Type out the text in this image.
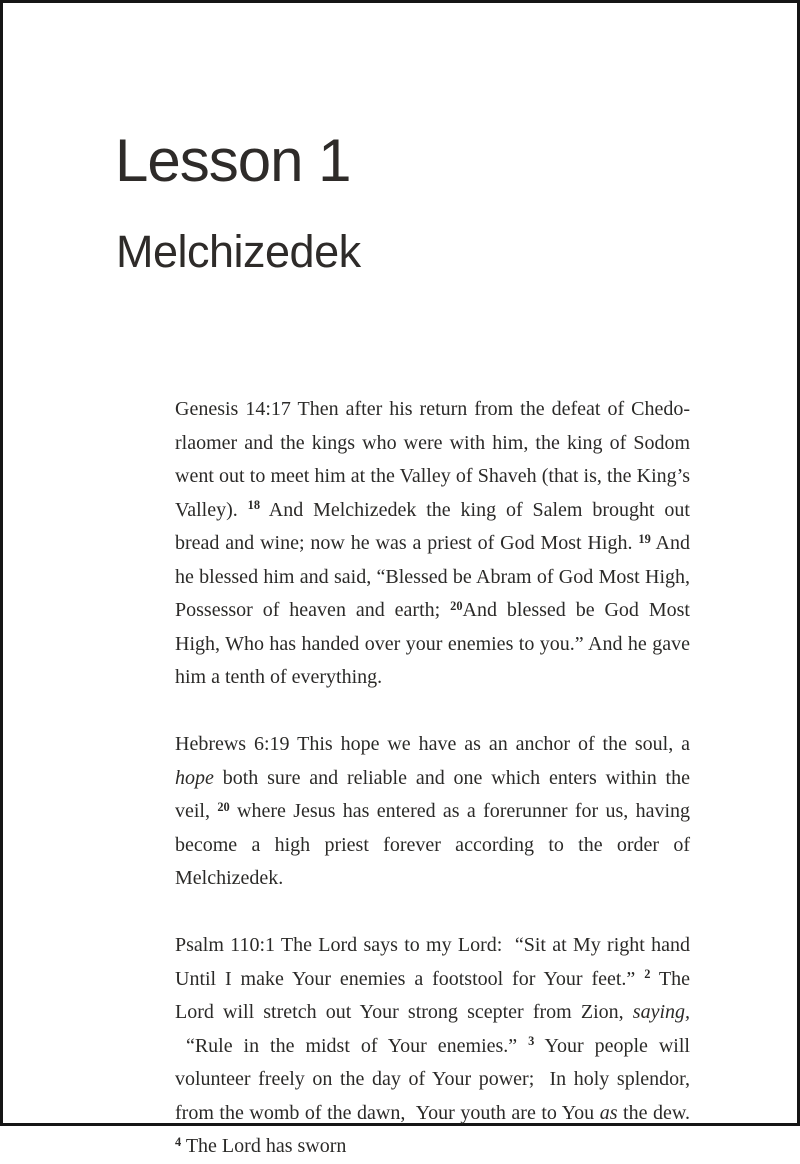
Lesson 1
Melchizedek

Genesis 14:17 Then after his return from the defeat of Chedorlaomer and the kings who were with him, the king of Sodom went out to meet him at the Valley of Shaveh (that is, the King’s Valley). $^{18}$ And Melchizedek the king of Salem brought out bread and wine; now he was a priest of God Most High. $^{19}$ And he blessed him and said, “Blessed be Abram of God Most High, Possessor of heaven and earth; $^{20}$And blessed be God Most High, Who has handed over your enemies to you.” And he gave him a tenth of everything.

Hebrews 6:19 This hope we have as an anchor of the soul, a hope both sure and reliable and one which enters within the veil, $^{20}$ where Jesus has entered as a forerunner for us, having become a high priest forever according to the order of Melchizedek.

Psalm 110:1 The Lord says to my Lord:  “Sit at My right hand Until I make Your enemies a footstool for Your feet.” $^2$ The Lord will stretch out Your strong scepter from Zion, saying,  “Rule in the midst of Your enemies.” $^3$ Your people will volunteer freely on the day of Your power;  In holy splendor, from the womb of the dawn,  Your youth are to You as the dew. $^4$ The Lord has sworn
